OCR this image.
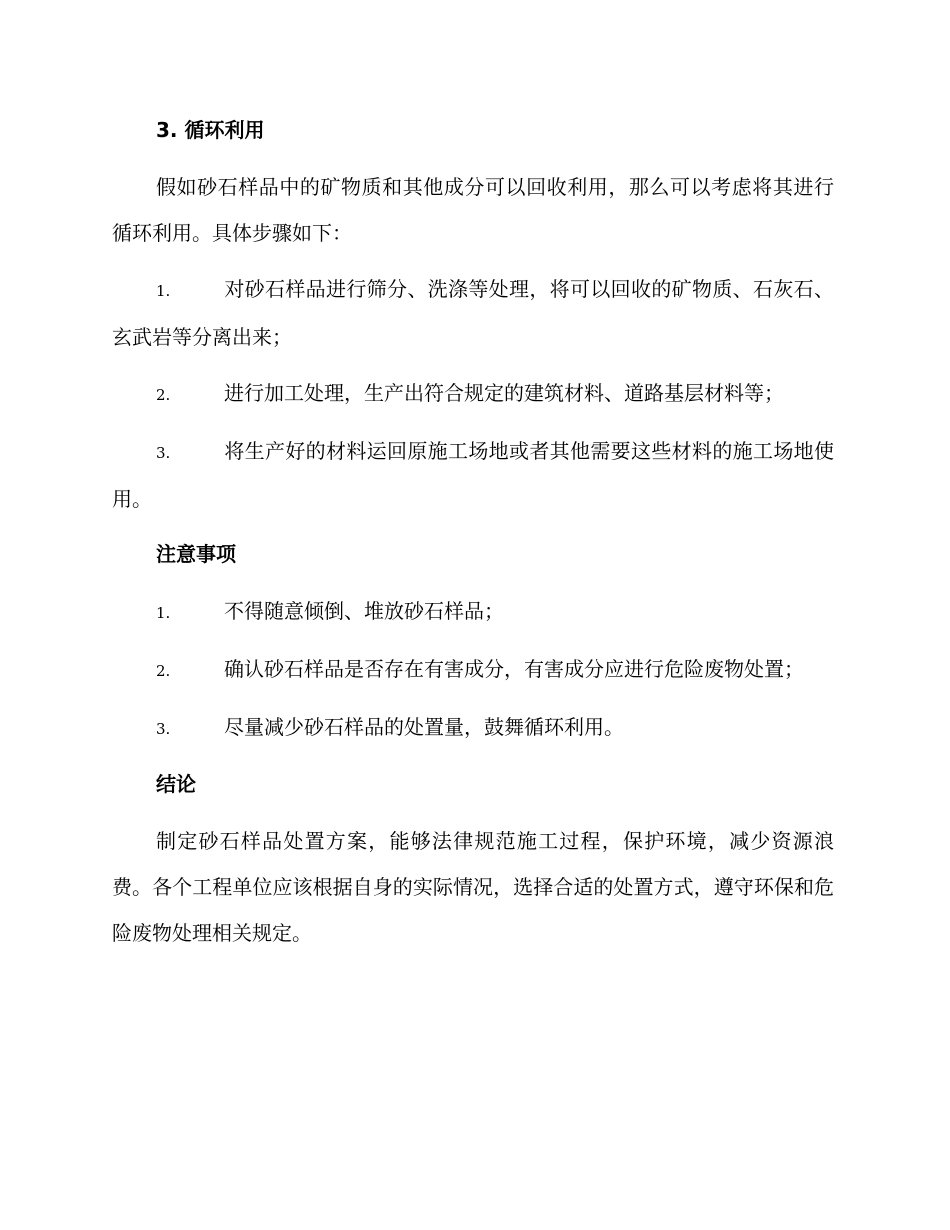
3. 循环利用

假如砂石样品中的矿物质和其他成分可以回收利用，那么可以考虑将其进行循环利用。具体步骤如下：

1.	对砂石样品进行筛分、洗涤等处理，将可以回收的矿物质、石灰石、玄武岩等分离出来；
2.	进行加工处理，生产出符合规定的建筑材料、道路基层材料等；
3.	将生产好的材料运回原施工场地或者其他需要这些材料的施工场地使用。
注意事项
1.	不得随意倾倒、堆放砂石样品；
2.	确认砂石样品是否存在有害成分，有害成分应进行危险废物处置；
3.	尽量减少砂石样品的处置量，鼓舞循环利用。
结论

制定砂石样品处置方案，能够法律规范施工过程，保护环境，减少资源浪费。各个工程单位应该根据自身的实际情况，选择合适的处置方式，遵守环保和危险废物处理相关规定。
